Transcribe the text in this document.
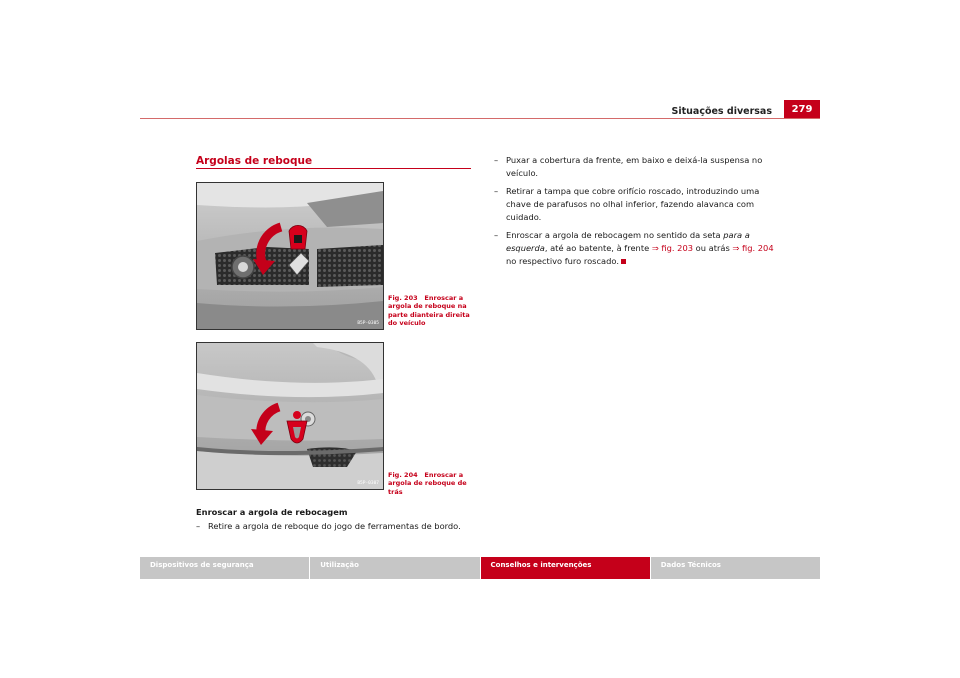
Situações diversas	279
Argolas de reboque
B5P-0305
Fig. 203 Enroscar a argola de reboque na parte dianteira direita do veículo
B5P-0307
Fig. 204 Enroscar a argola de reboque de trás
Enroscar a argola de rebocagem
– Retire a argola de reboque do jogo de ferramentas de bordo.
– Puxar a cobertura da frente, em baixo e deixá-la suspensa no veículo.
– Retirar a tampa que cobre orifício roscado, introduzindo uma chave de parafusos no olhal inferior, fazendo alavanca com cuidado.
– Enroscar a argola de rebocagem no sentido da seta para a esquerda, até ao batente, à frente ⇒ fig. 203 ou atrás ⇒ fig. 204 no respectivo furo roscado.
Dispositivos de segurança	Utilização	Conselhos e intervenções	Dados Técnicos
